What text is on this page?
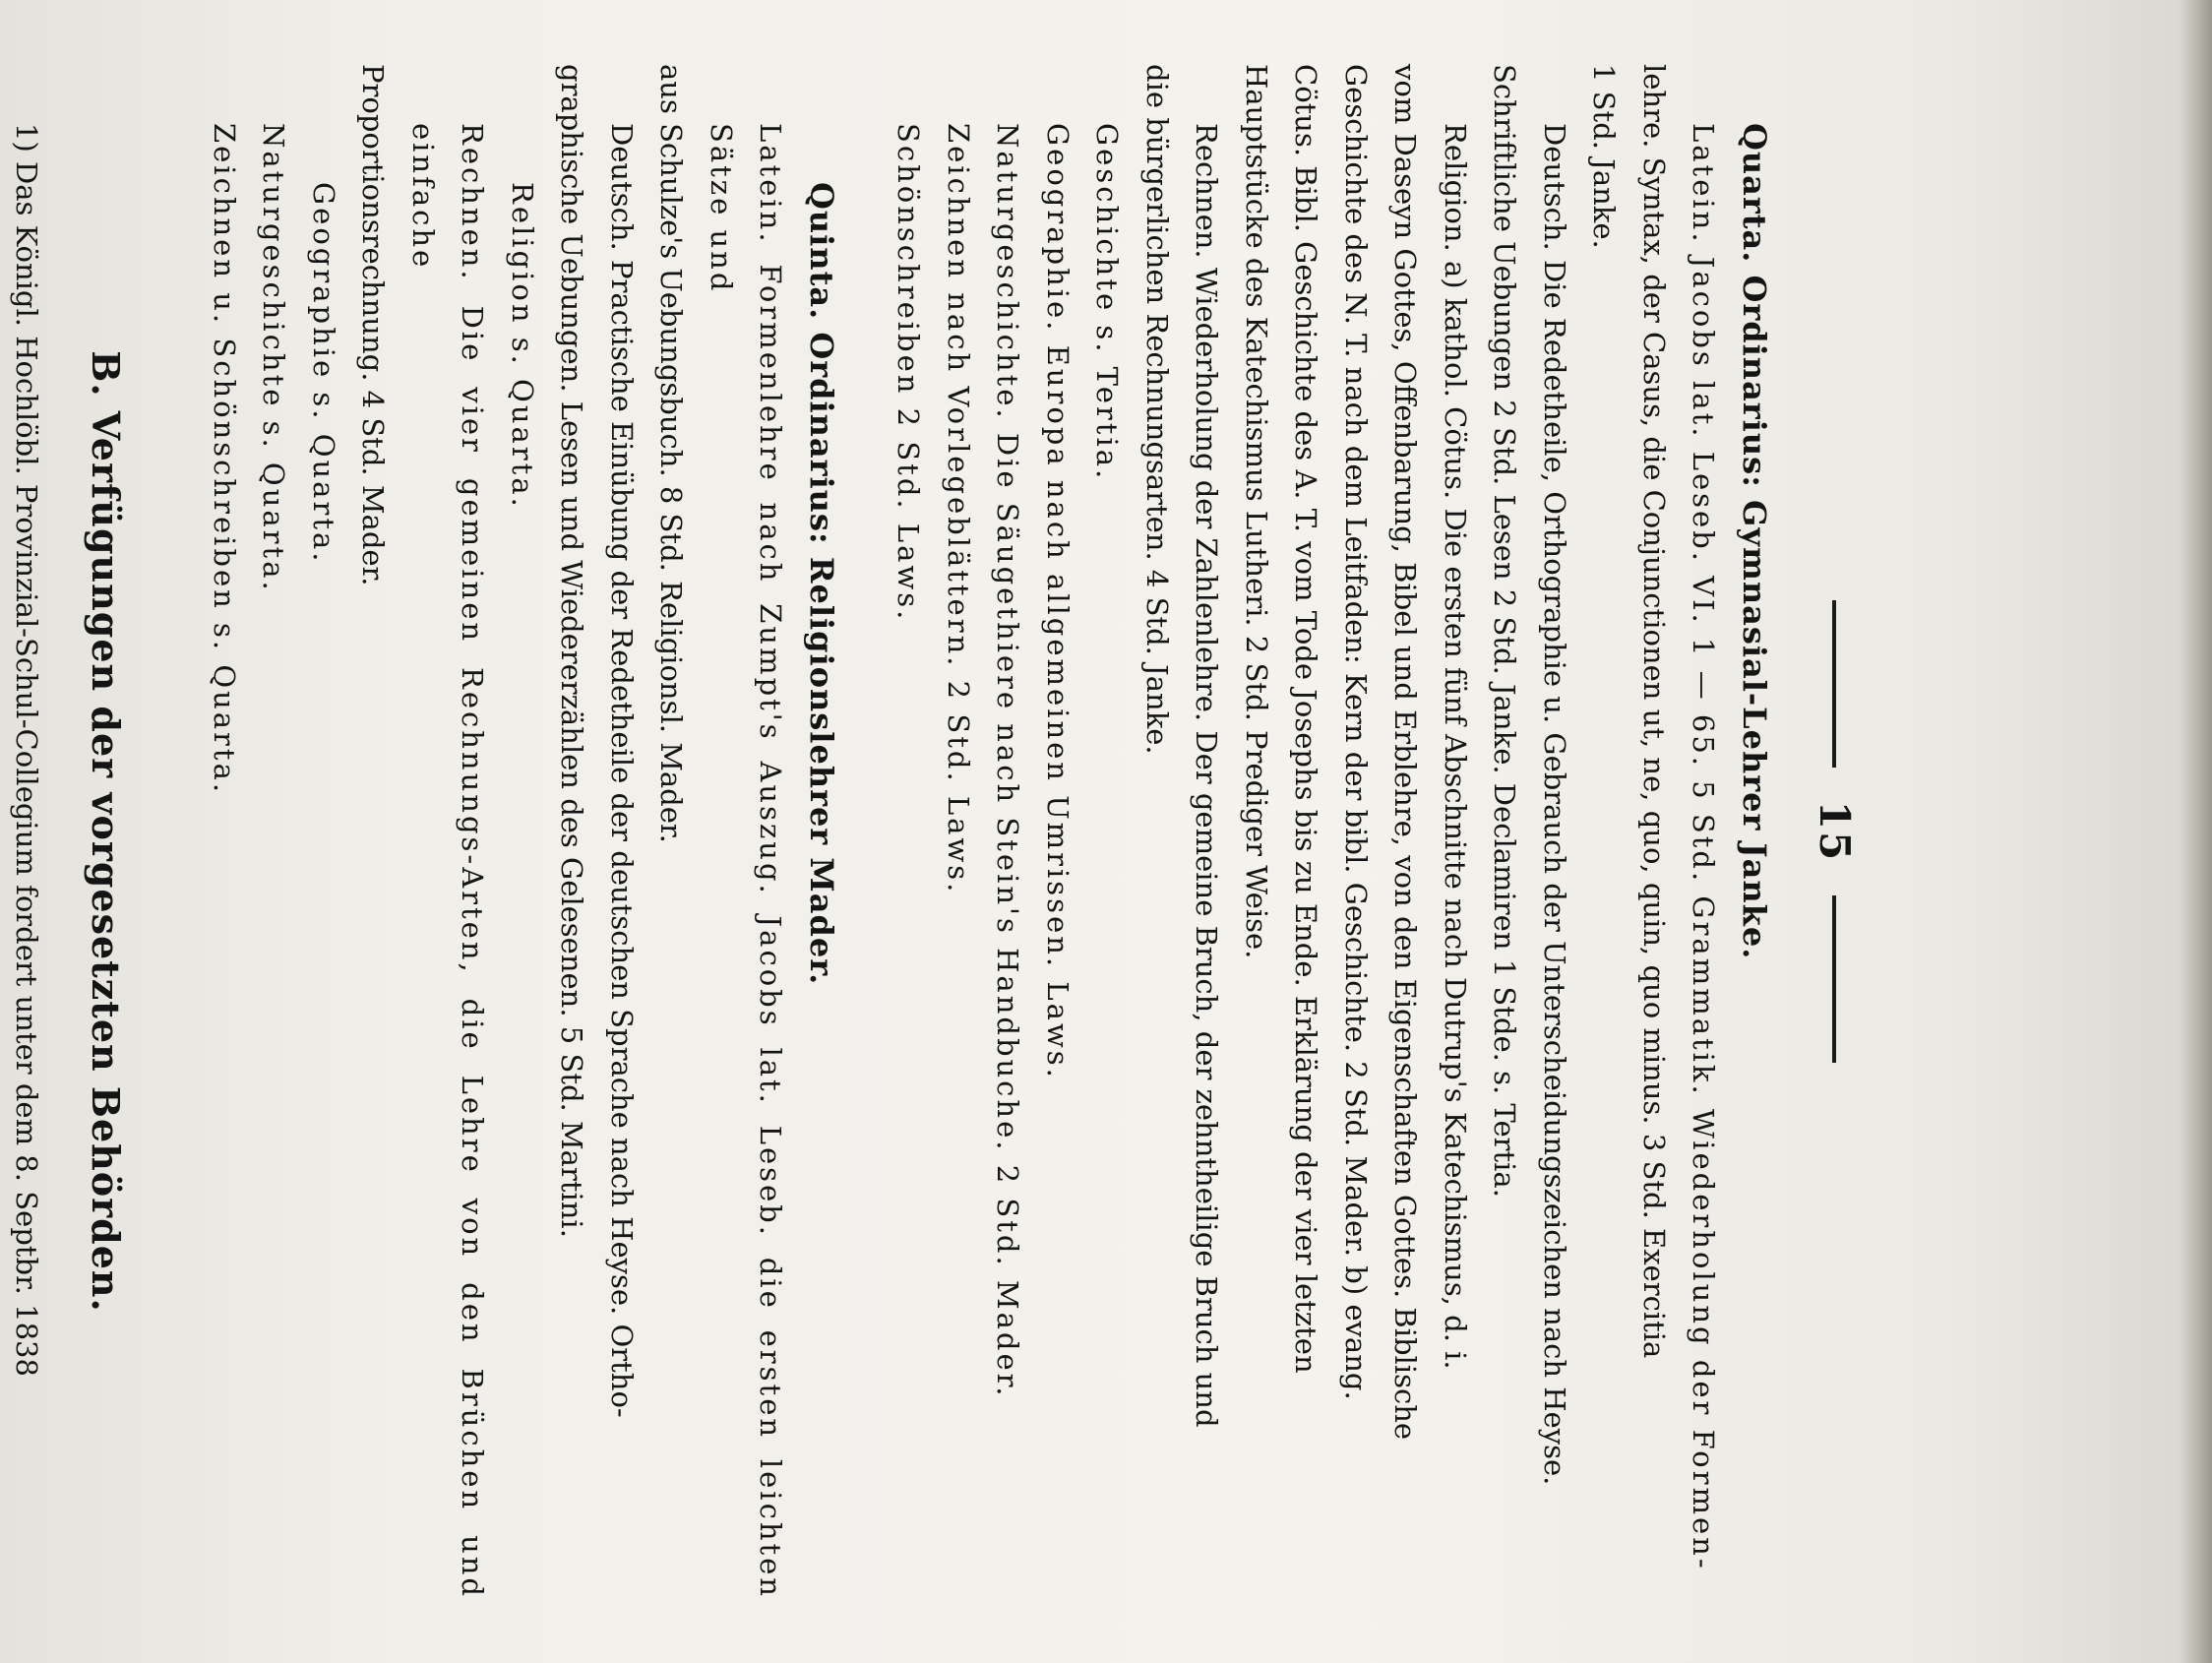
15

Quarta. Ordinarius: Gymnasial-Lehrer Janke.

Latein. Jacobs lat. Leseb. VI. 1 — 65. 5 Std. Grammatik. Wiederholung der Formen-

lehre. Syntax, der Casus, die Conjunctionen ut, ne, quo, quin, quo minus. 3 Std. Exercitia

1 Std. Janke.

Deutsch. Die Redetheile, Orthographie u. Gebrauch der Unterscheidungszeichen nach Heyse.

Schriftliche Uebungen 2 Std. Lesen 2 Std. Janke. Declamiren 1 Stde. s. Tertia.

Religion. a) kathol. Cötus. Die ersten fünf Abschnitte nach Dutrup's Katechismus, d. i.

vom Daseyn Gottes, Offenbarung, Bibel und Erblehre, von den Eigenschaften Gottes. Biblische

Geschichte des N. T. nach dem Leitfaden: Kern der bibl. Geschichte. 2 Std. Mader. b) evang.

Cötus. Bibl. Geschichte des A. T. vom Tode Josephs bis zu Ende. Erklärung der vier letzten

Hauptstücke des Katechismus Lutheri. 2 Std. Prediger Weise.

Rechnen. Wiederholung der Zahlenlehre. Der gemeine Bruch, der zehntheilige Bruch und

die bürgerlichen Rechnungsarten. 4 Std. Janke.

Geschichte s. Tertia.

Geographie. Europa nach allgemeinen Umrissen. Laws.

Naturgeschichte. Die Säugethiere nach Stein's Handbuche. 2 Std. Mader.

Zeichnen nach Vorlegeblättern. 2 Std. Laws.

Schönschreiben 2 Std. Laws.

Quinta. Ordinarius: Religionslehrer Mader.

Latein. Formenlehre nach Zumpt's Auszug. Jacobs lat. Leseb. die ersten leichten Sätze und

aus Schulze's Uebungsbuch. 8 Std. Religionsl. Mader.

Deutsch. Practische Einübung der Redetheile der deutschen Sprache nach Heyse. Ortho-

graphische Uebungen. Lesen und Wiedererzählen des Gelesenen. 5 Std. Martini.

Religion s. Quarta.

Rechnen. Die vier gemeinen Rechnungs-Arten, die Lehre von den Brüchen und einfache

Proportionsrechnung. 4 Std. Mader.

Geographie s. Quarta.

Naturgeschichte s. Quarta.

Zeichnen u. Schönschreiben s. Quarta.

B. Verfügungen der vorgesetzten Behörden.

1) Das Königl. Hochlöbl. Provinzial-Schul-Collegium fordert unter dem 8. Septbr. 1838
